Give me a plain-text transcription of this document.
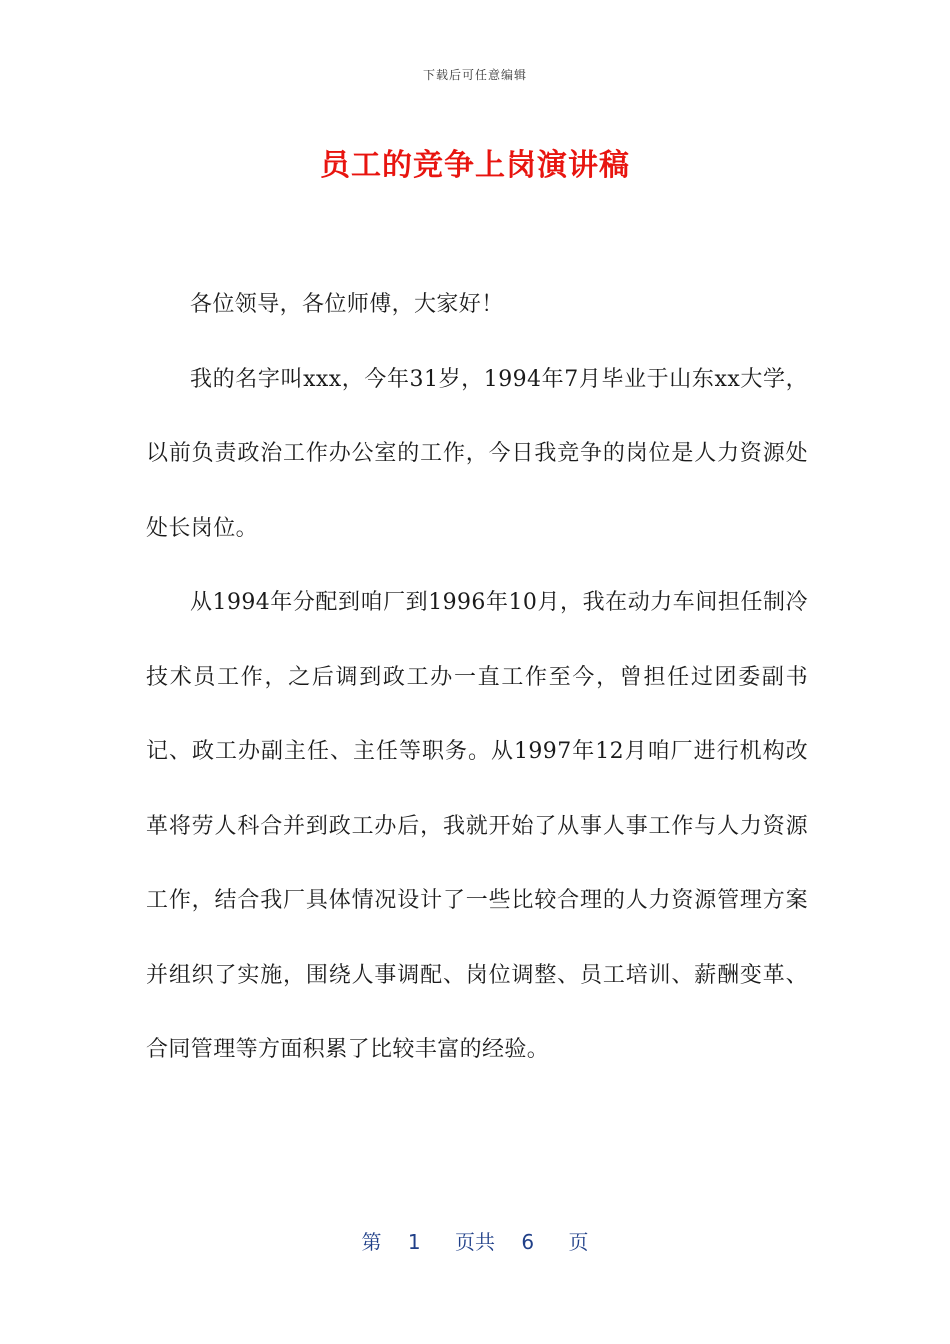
下载后可任意编辑
员工的竞争上岗演讲稿

各位领导，各位师傅，大家好！

我的名字叫xxx，今年31岁，1994年7月毕业于山东xx大学，以前负责政治工作办公室的工作，今日我竞争的岗位是人力资源处处长岗位。

从1994年分配到咱厂到1996年10月，我在动力车间担任制冷技术员工作，之后调到政工办一直工作至今，曾担任过团委副书记、政工办副主任、主任等职务。从1997年12月咱厂进行机构改革将劳人科合并到政工办后，我就开始了从事人事工作与人力资源工作，结合我厂具体情况设计了一些比较合理的人力资源管理方案并组织了实施，围绕人事调配、岗位调整、员工培训、薪酬变革、合同管理等方面积累了比较丰富的经验。

第 1 页共 6 页
